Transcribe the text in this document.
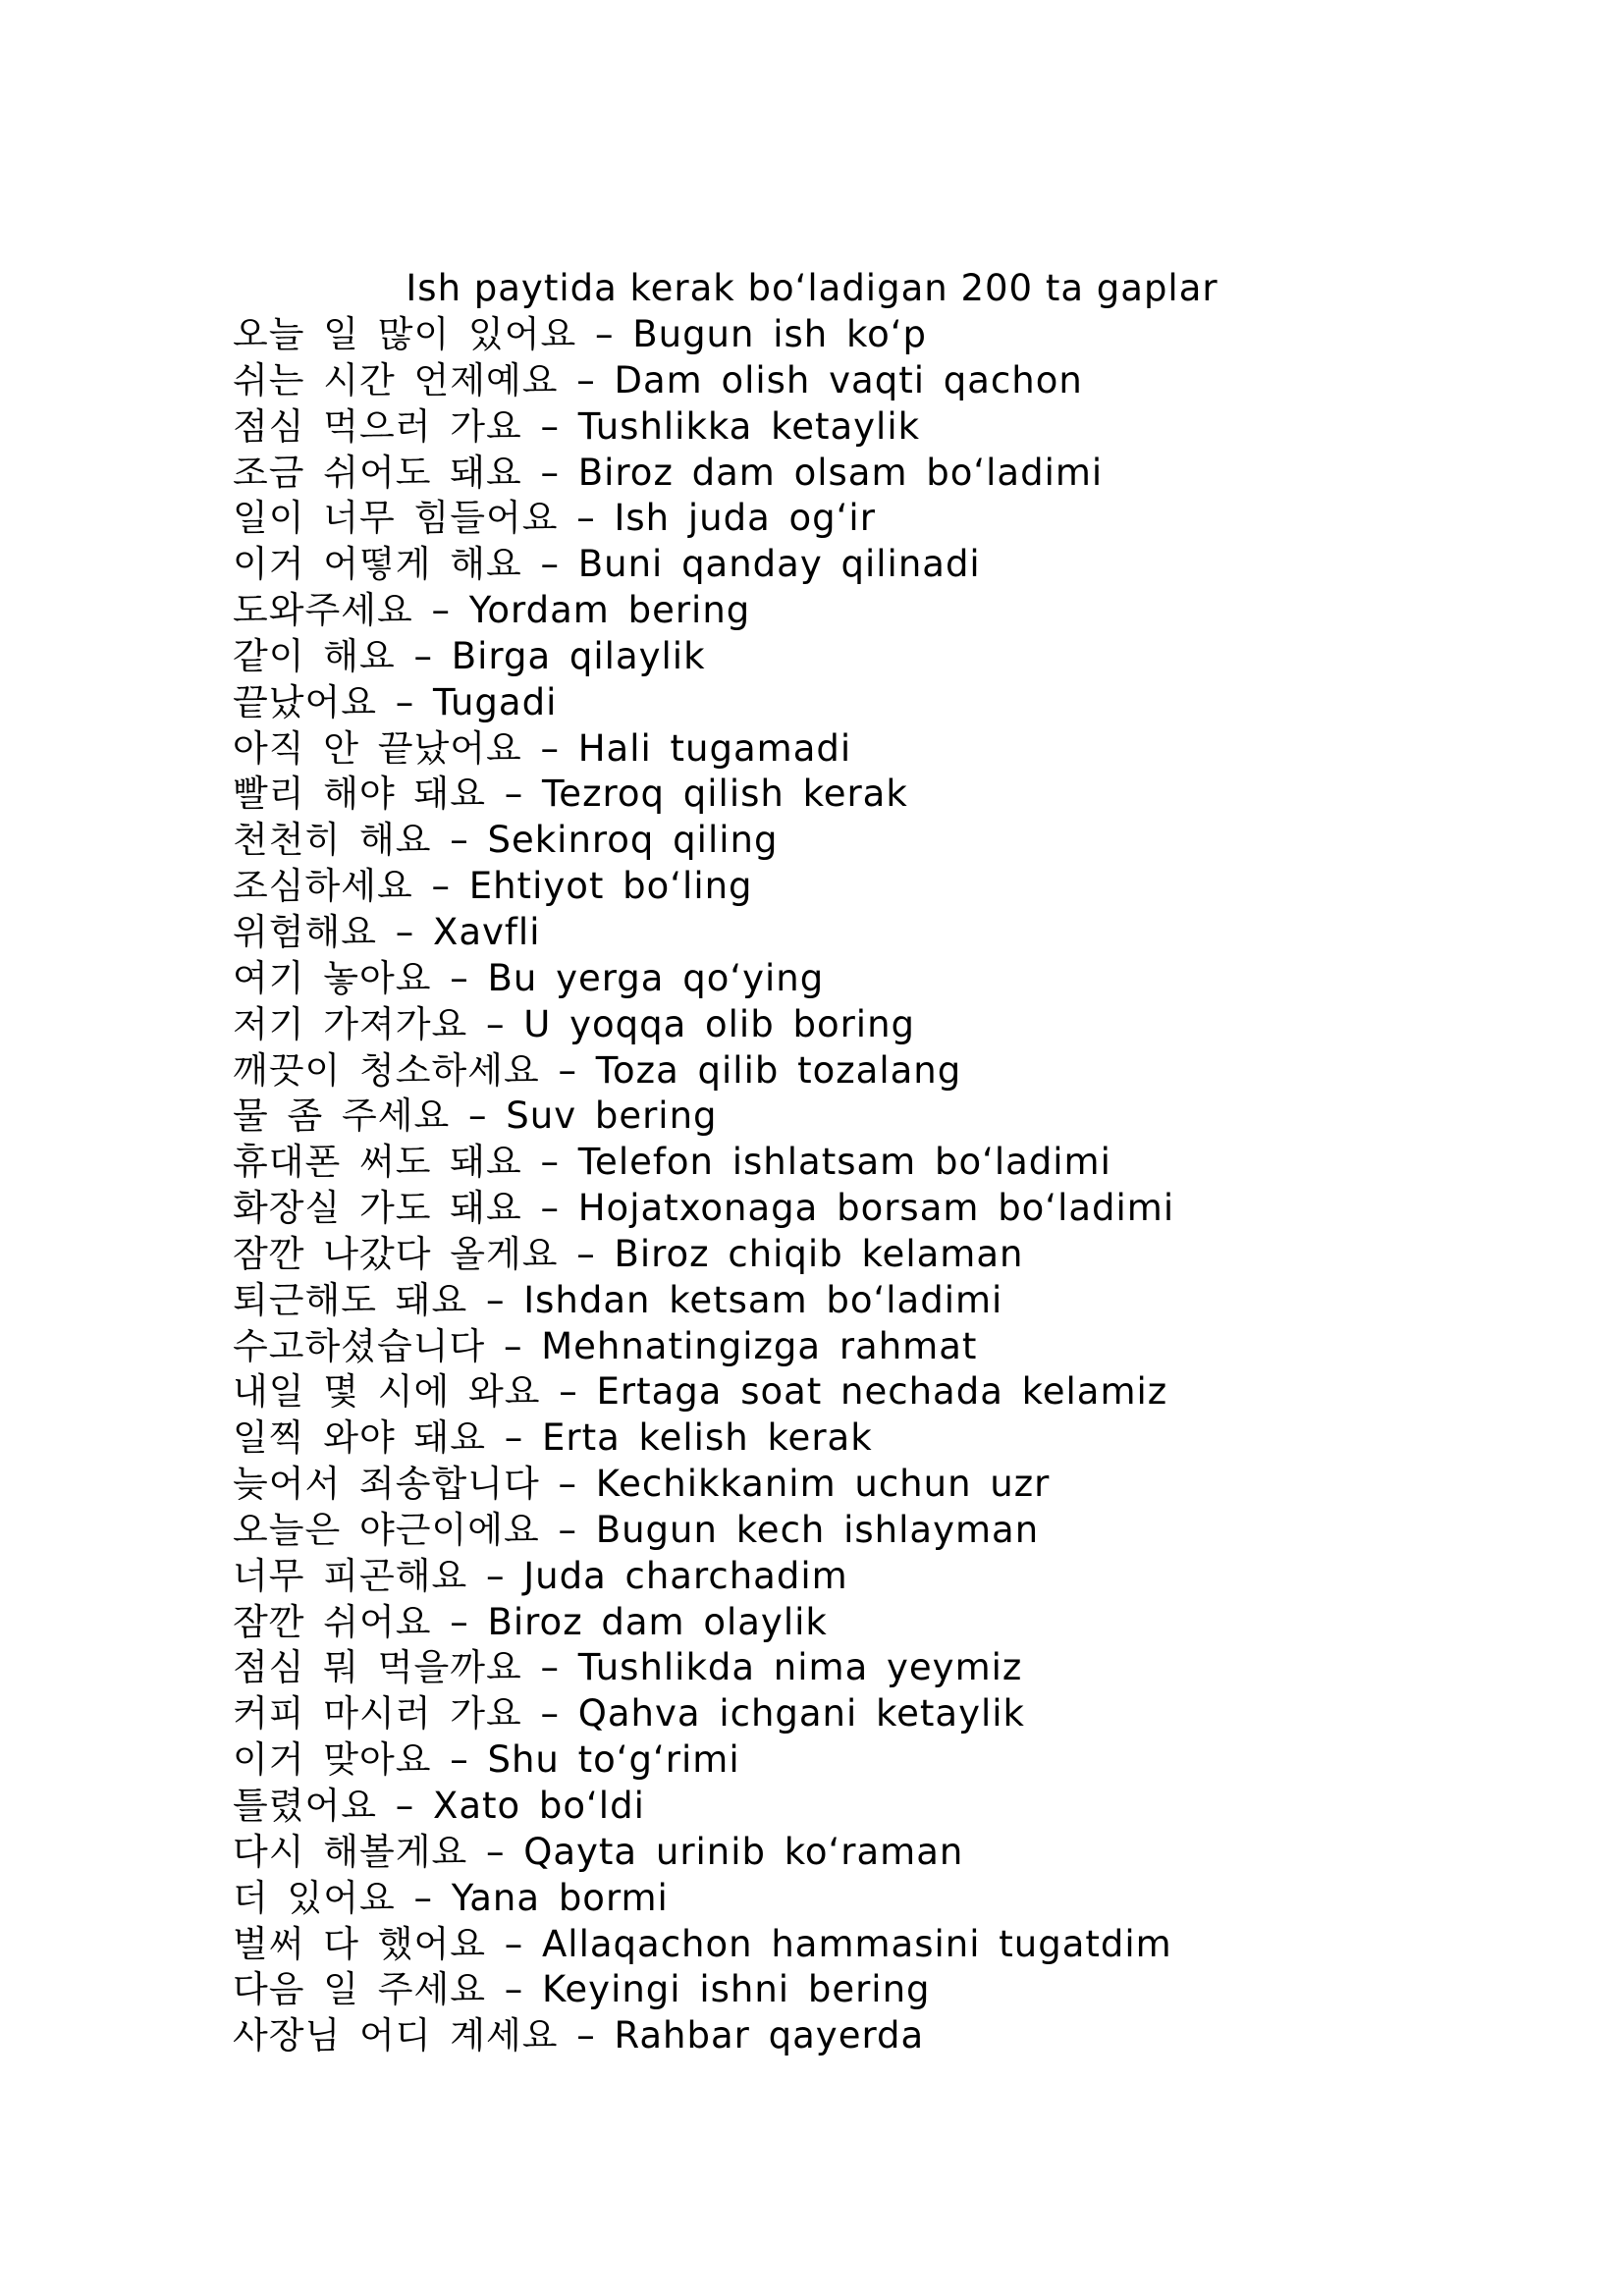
Ish paytida kerak bo‘ladigan 200 ta gaplar
오늘 일 많이 있어요 – Bugun ish ko‘p
쉬는 시간 언제예요 – Dam olish vaqti qachon
점심 먹으러 가요 – Tushlikka ketaylik
조금 쉬어도 돼요 – Biroz dam olsam bo‘ladimi
일이 너무 힘들어요 – Ish juda og‘ir
이거 어떻게 해요 – Buni qanday qilinadi
도와주세요 – Yordam bering
같이 해요 – Birga qilaylik
끝났어요 – Tugadi
아직 안 끝났어요 – Hali tugamadi
빨리 해야 돼요 – Tezroq qilish kerak
천천히 해요 – Sekinroq qiling
조심하세요 – Ehtiyot bo‘ling
위험해요 – Xavfli
여기 놓아요 – Bu yerga qo‘ying
저기 가져가요 – U yoqqa olib boring
깨끗이 청소하세요 – Toza qilib tozalang
물 좀 주세요 – Suv bering
휴대폰 써도 돼요 – Telefon ishlatsam bo‘ladimi
화장실 가도 돼요 – Hojatxonaga borsam bo‘ladimi
잠깐 나갔다 올게요 – Biroz chiqib kelaman
퇴근해도 돼요 – Ishdan ketsam bo‘ladimi
수고하셨습니다 – Mehnatingizga rahmat
내일 몇 시에 와요 – Ertaga soat nechada kelamiz
일찍 와야 돼요 – Erta kelish kerak
늦어서 죄송합니다 – Kechikkanim uchun uzr
오늘은 야근이에요 – Bugun kech ishlayman
너무 피곤해요 – Juda charchadim
잠깐 쉬어요 – Biroz dam olaylik
점심 뭐 먹을까요 – Tushlikda nima yeymiz
커피 마시러 가요 – Qahva ichgani ketaylik
이거 맞아요 – Shu to‘g‘rimi
틀렸어요 – Xato bo‘ldi
다시 해볼게요 – Qayta urinib ko‘raman
더 있어요 – Yana bormi
벌써 다 했어요 – Allaqachon hammasini tugatdim
다음 일 주세요 – Keyingi ishni bering
사장님 어디 계세요 – Rahbar qayerda
